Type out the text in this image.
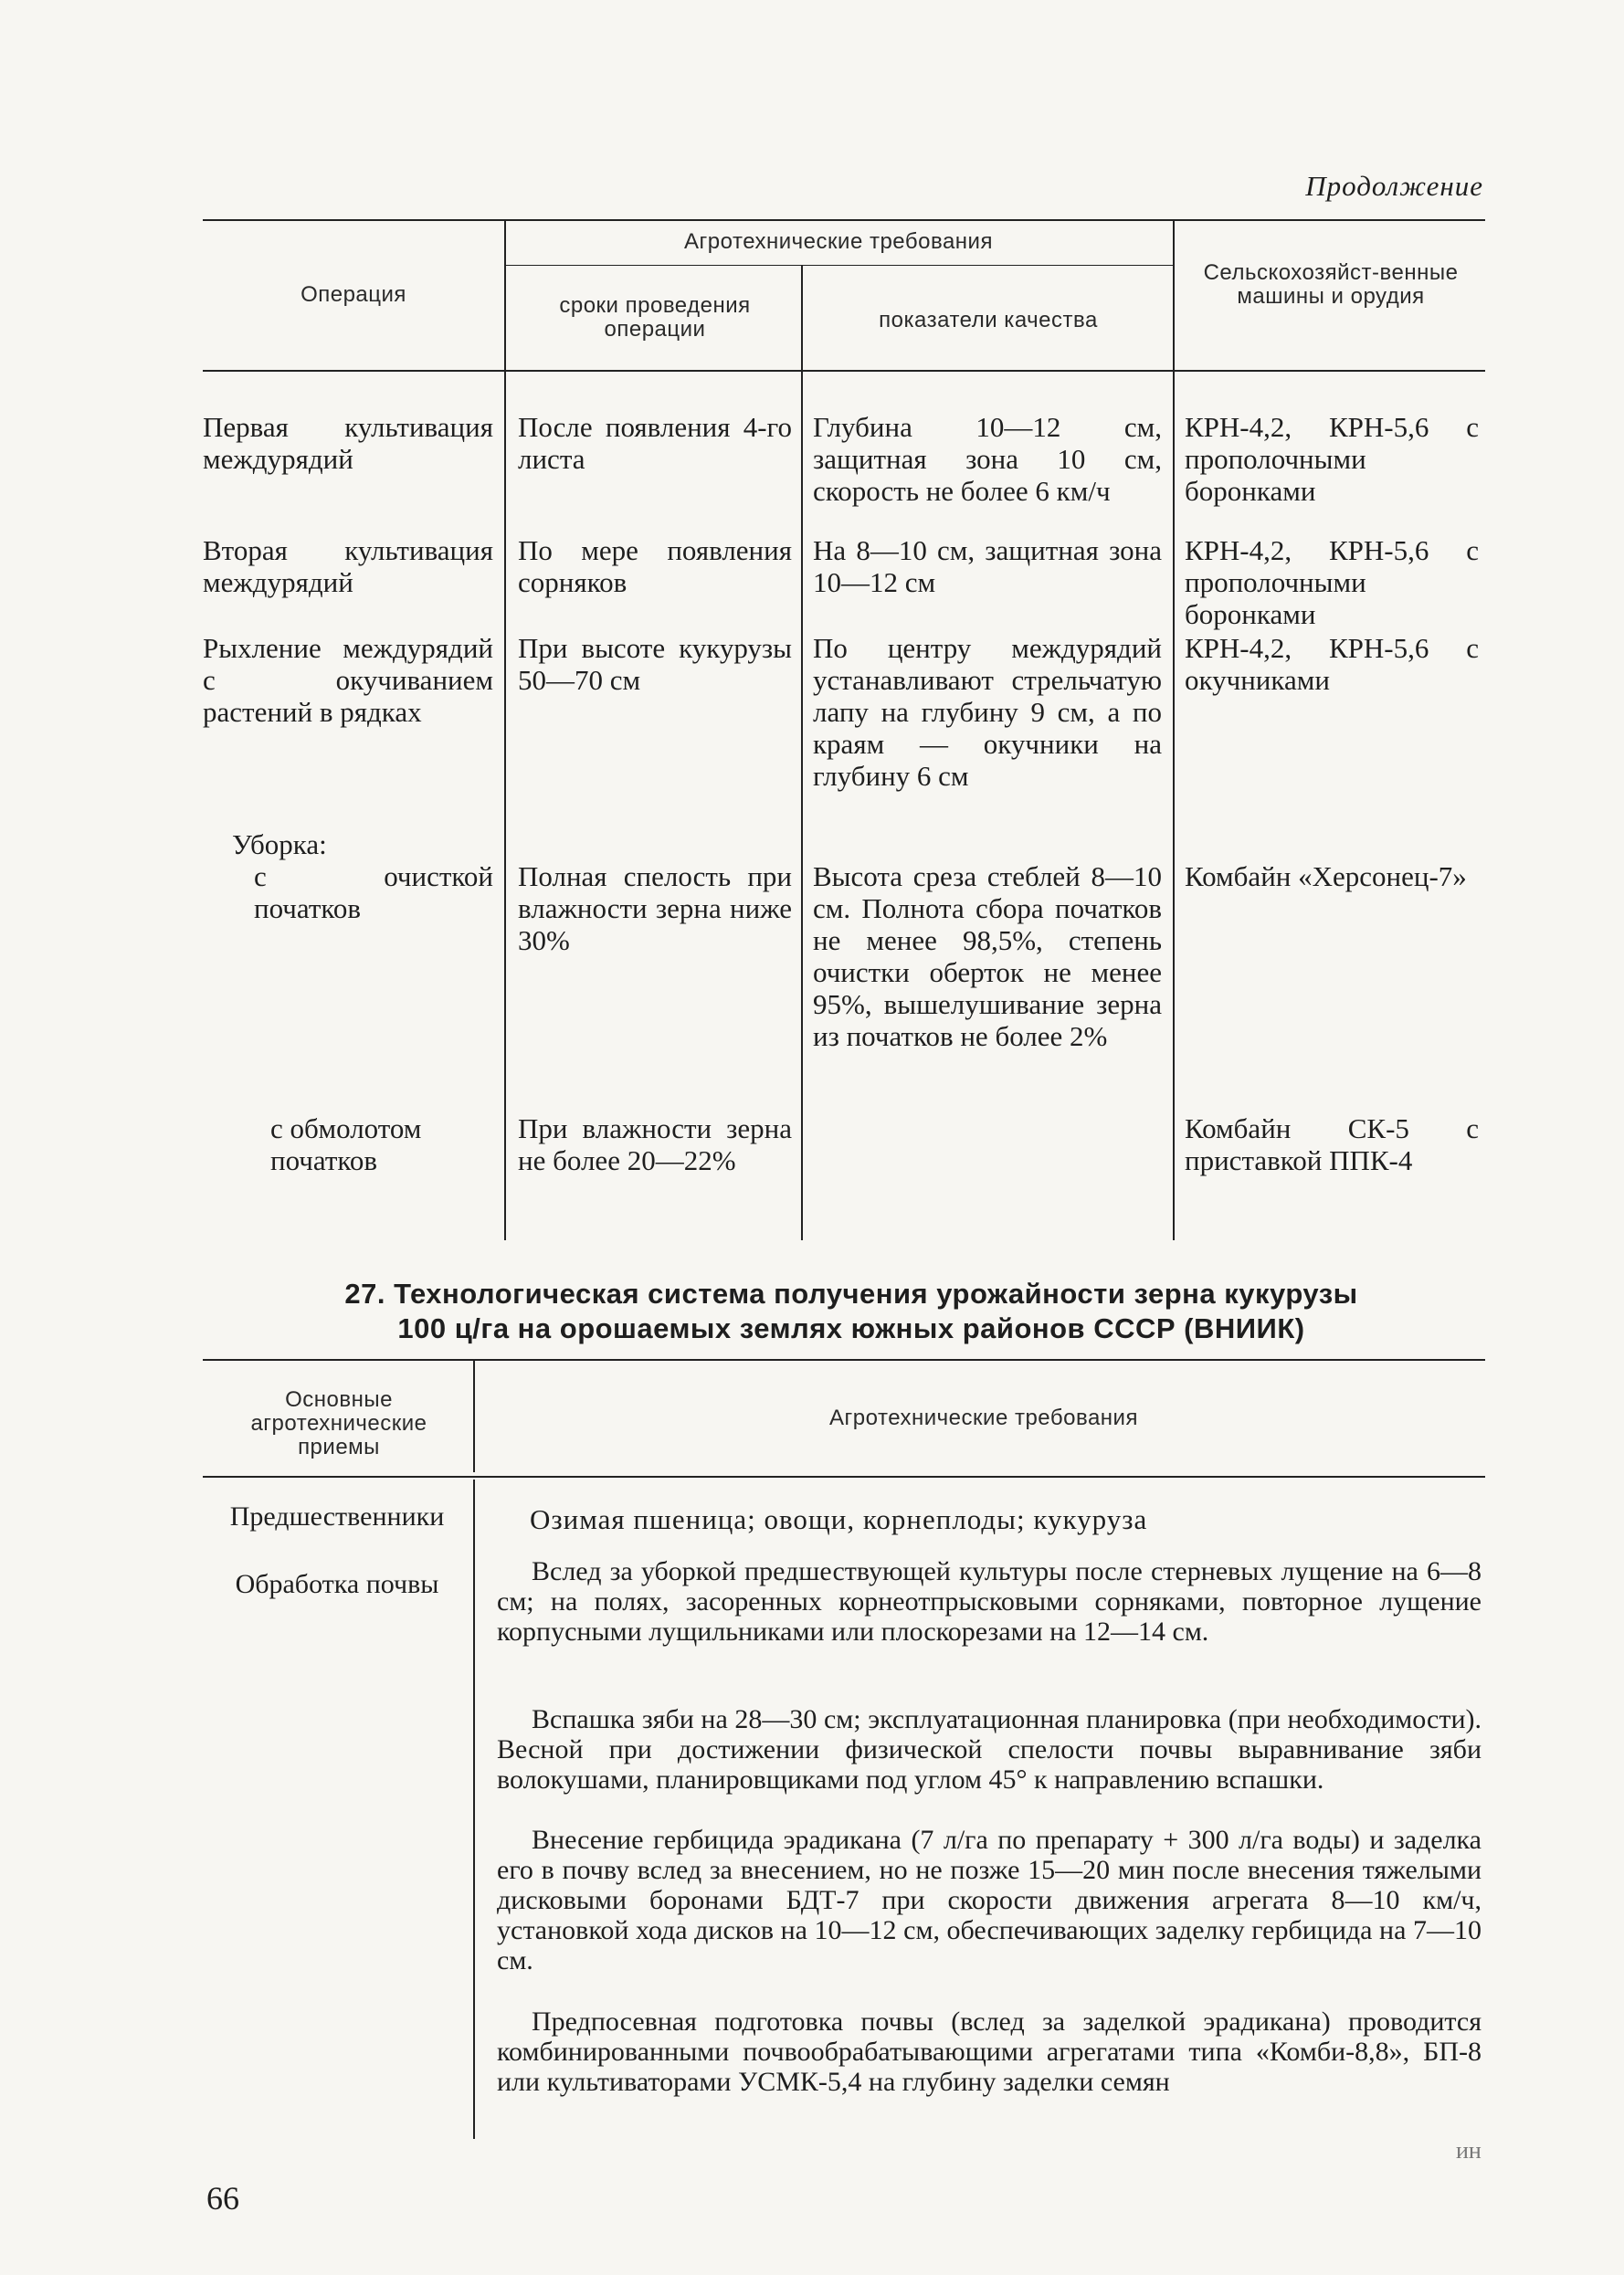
Продолжение
Операция
Агротехнические требования
сроки проведения операции	показатели качества
Сельскохозяйст-венные машины и орудия
Первая культивация междурядий
После появления 4-го листа
Глубина 10—12 см, защитная зона 10 см, скорость не более 6 км/ч
КРН-4,2, КРН-5,6 с прополочными боронками
Вторая культивация междурядий
По мере появления сорняков
На 8—10 см, защитная зона 10—12 см
КРН-4,2, КРН-5,6 с прополочными боронками
Рыхление междурядий с окучиванием растений в рядках
При высоте кукурузы 50—70 см
По центру междурядий устанавливают стрельчатую лапу на глубину 9 см, а по краям — окучники на глубину 6 см
КРН-4,2, КРН-5,6 с окучниками
Уборка:
с очисткой початков
Полная спелость при влажности зерна ниже 30%
Высота среза стеблей 8—10 см. Полнота сбора початков не менее 98,5%, степень очистки оберток не менее 95%, вышелушивание зерна из початков не более 2%
Комбайн «Херсонец-7»
с обмолотом початков
При влажности зерна не более 20—22%
Комбайн СК-5 с приставкой ППК-4
27. Технологическая система получения урожайности зерна кукурузы
100 ц/га на орошаемых землях южных районов СССР (ВНИИК)
Основные агротехнические приемы
Агротехнические требования
Предшественники
Обработка почвы
Озимая пшеница; овощи, корнеплоды; кукуруза
Вслед за уборкой предшествующей культуры после стерневых лущение на 6—8 см; на полях, засоренных корнеотпрысковыми сорняками, повторное лущение корпусными лущильниками или плоскорезами на 12—14 см.
Вспашка зяби на 28—30 см; эксплуатационная планировка (при необходимости). Весной при достижении физической спелости почвы выравнивание зяби волокушами, планировщиками под углом 45° к направлению вспашки.
Внесение гербицида эрадикана (7 л/га по препарату + 300 л/га воды) и заделка его в почву вслед за внесением, но не позже 15—20 мин после внесения тяжелыми дисковыми боронами БДТ-7 при скорости движения агрегата 8—10 км/ч, установкой хода дисков на 10—12 см, обеспечивающих заделку гербицида на 7—10 см.
Предпосевная подготовка почвы (вслед за заделкой эрадикана) проводится комбинированными почвообрабатывающими агрегатами типа «Комби-8,8», БП-8 или культиваторами УСМК-5,4 на глубину заделки семян
ин
66
